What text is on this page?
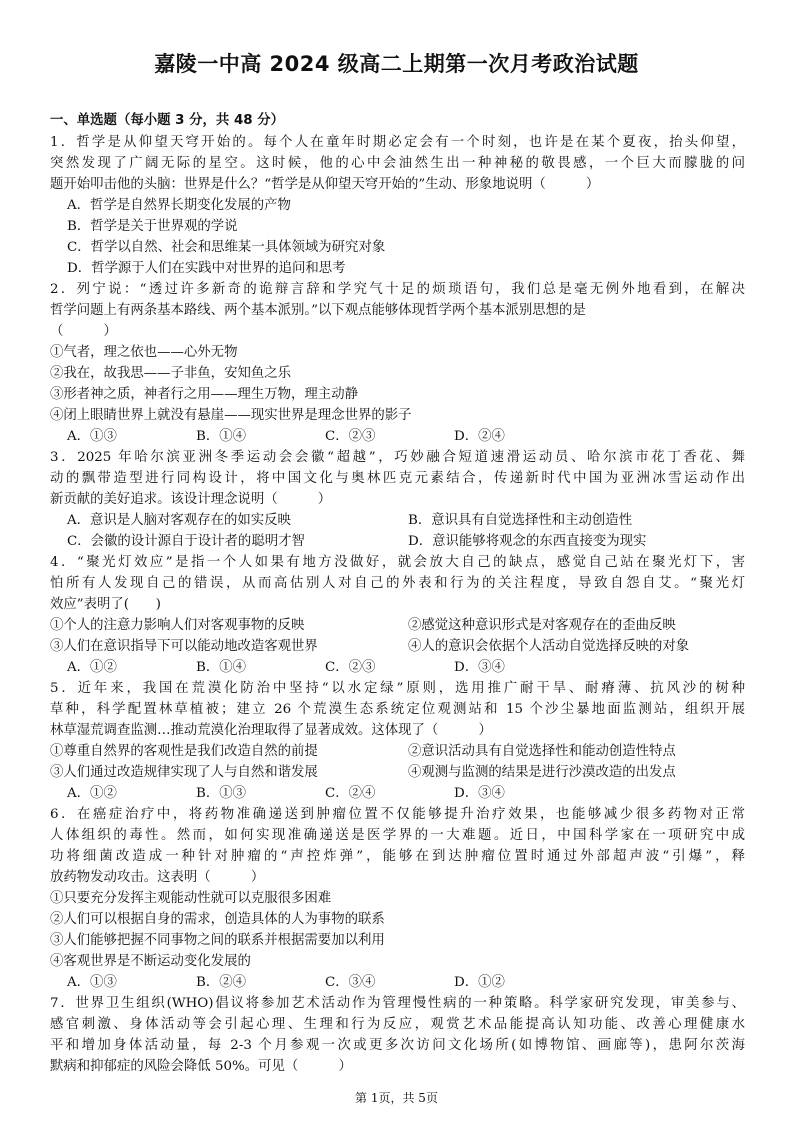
嘉陵一中高 2024 级高二上期第一次月考政治试题
一、单选题（每小题 3 分，共 48 分）
1．哲学是从仰望天穹开始的。每个人在童年时期必定会有一个时刻，也许是在某个夏夜，抬头仰望，
突然发现了广阔无际的星空。这时候，他的心中会油然生出一种神秘的敬畏感，一个巨大而朦胧的问
题开始叩击他的头脑：世界是什么？“哲学是从仰望天穹开始的”生动、形象地说明（　　　）
A．哲学是自然界长期变化发展的产物
B．哲学是关于世界观的学说
C．哲学以自然、社会和思维某一具体领域为研究对象
D．哲学源于人们在实践中对世界的追问和思考
2．列宁说：“透过许多新奇的诡辩言辞和学究气十足的烦琐语句，我们总是毫无例外地看到，在解决
哲学问题上有两条基本路线、两个基本派别。”以下观点能够体现哲学两个基本派别思想的是
（　　　）
①气者，理之依也——心外无物
②我在，故我思——子非鱼，安知鱼之乐
③形者神之质，神者行之用——理生万物，理主动静
④闭上眼睛世界上就没有悬崖——现实世界是理念世界的影子
A．①③	B．①④	C．②③	D．②④
3．2025 年哈尔滨亚洲冬季运动会会徽“超越”，巧妙融合短道速滑运动员、哈尔滨市花丁香花、舞
动的飘带造型进行同构设计，将中国文化与奥林匹克元素结合，传递新时代中国为亚洲冰雪运动作出
新贡献的美好追求。该设计理念说明（　　　）
A．意识是人脑对客观存在的如实反映	B．意识具有自觉选择性和主动创造性
C．会徽的设计源自于设计者的聪明才智	D．意识能够将观念的东西直接变为现实
4．“聚光灯效应”是指一个人如果有地方没做好，就会放大自己的缺点，感觉自己站在聚光灯下，害
怕所有人发现自己的错误，从而高估别人对自己的外表和行为的关注程度，导致自怨自艾。“聚光灯
效应”表明了(　　)
①个人的注意力影响人们对客观事物的反映	②感觉这种意识形式是对客观存在的歪曲反映
③人们在意识指导下可以能动地改造客观世界	④人的意识会依据个人活动自觉选择反映的对象
A．①②	B．①④	C．②③	D．③④
5．近年来，我国在荒漠化防治中坚持“以水定绿”原则，选用推广耐干旱、耐瘠薄、抗风沙的树种
草种，科学配置林草植被；建立 26 个荒漠生态系统定位观测站和 15 个沙尘暴地面监测站，组织开展
林草湿荒调查监测…推动荒漠化治理取得了显著成效。这体现了（　　　）
①尊重自然界的客观性是我们改造自然的前提	②意识活动具有自觉选择性和能动创造性特点
③人们通过改造规律实现了人与自然和谐发展	④观测与监测的结果是进行沙漠改造的出发点
A．①②	B．①③	C．②④	D．③④
6．在癌症治疗中，将药物准确递送到肿瘤位置不仅能够提升治疗效果，也能够减少很多药物对正常
人体组织的毒性。然而，如何实现准确递送是医学界的一大难题。近日，中国科学家在一项研究中成
功将细菌改造成一种针对肿瘤的“声控炸弹”，能够在到达肿瘤位置时通过外部超声波“引爆”，释
放药物发动攻击。这表明（　　　）
①只要充分发挥主观能动性就可以克服很多困难
②人们可以根据自身的需求，创造具体的人为事物的联系
③人们能够把握不同事物之间的联系并根据需要加以利用
④客观世界是不断运动变化发展的
A．①③	B．②④	C．③④	D．①②
7．世界卫生组织(WHO)倡议将参加艺术活动作为管理慢性病的一种策略。科学家研究发现，审美参与、
感官刺激、身体活动等会引起心理、生理和行为反应，观赏艺术品能提高认知功能、改善心理健康水
平和增加身体活动量，每 2-3 个月参观一次或更多次访问文化场所(如博物馆、画廊等)，患阿尔茨海
默病和抑郁症的风险会降低 50%。可见（　　　）
第 1页，共 5页
